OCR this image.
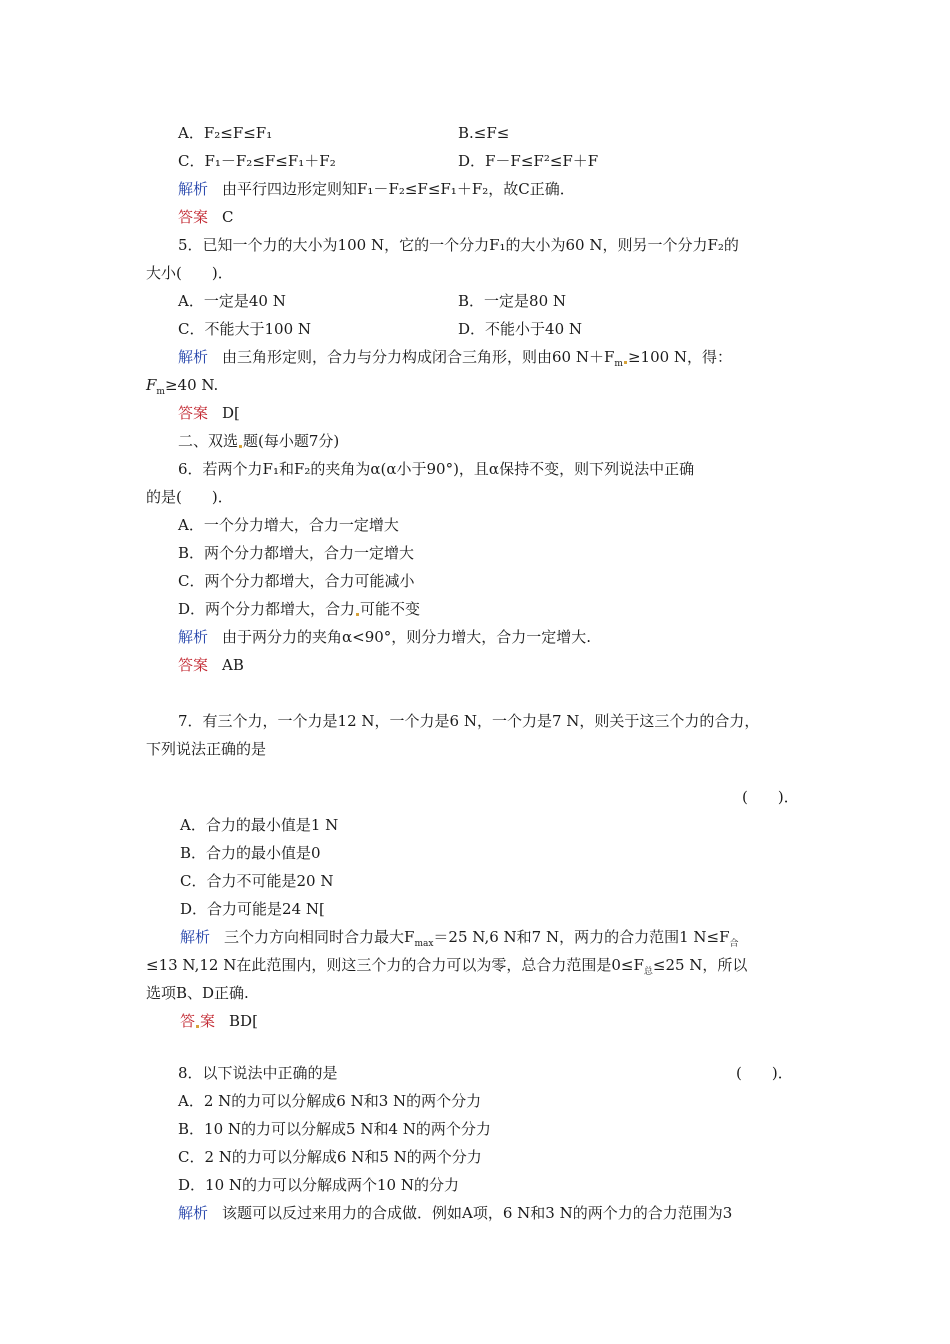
A．F₂≤F≤F₁	B.≤F≤
C．F₁－F₂≤F≤F₁＋F₂	D．F－F≤F²≤F＋F
解析 由平行四边形定则知F₁－F₂≤F≤F₁＋F₂，故C正确．
答案 C
5．已知一个力的大小为100 N，它的一个分力F₁的大小为60 N，则另一个分力F₂的
大小(　　)．
A．一定是40 N	B．一定是80 N
C．不能大于100 N	D．不能小于40 N
解析 由三角形定则，合力与分力构成闭合三角形，则由60 $N+F_m \ge 100$ N，得：
$F_m\ge 40$ N.
答案 D[
二、双选 题(每小题7分)
6．若两个力F₁和F₂的夹角为α(α小于90°)，且α保持不变，则下列说法中正确
的是(　　)．
A．一个分力增大，合力一定增大
B．两个分力都增大，合力一定增大
C．两个分力都增大，合力可能减小
D．两个分力都增大，合力 可能不变
解析 由于两分力的夹角α<90°，则分力增大，合力一定增大.
答案 AB
7．有三个力，一个力是12 N，一个力是6 N，一个力是7 N，则关于这三个力的合力，
下列说法正确的是
(　　)．
A．合力的最小值是1 N
B．合力的最小值是0
C．合力不可能是20 N
D．合力可能是24 N[
解析 三个力方向相同时合力最大$F_{max}=25$ N,6 N和7 N，两力的合力范围1 $N\le F_合$
≤13 N,12 N在此范围内，则这三个力的合力可以为零，总合力范围是$0\le F_总\le 25$ N，所以
选项B、D正确.
答 案 BD[
8．以下说法中正确的是	(　　)．
A．2 N的力可以分解成6 N和3 N的两个分力
B．10 N的力可以分解成5 N和4 N的两个分力
C．2 N的力可以分解成6 N和5 N的两个分力
D．10 N的力可以分解成两个10 N的分力
解析 该题可以反过来用力的合成做．例如A项，6 N和3 N的两个力的合力范围为3
